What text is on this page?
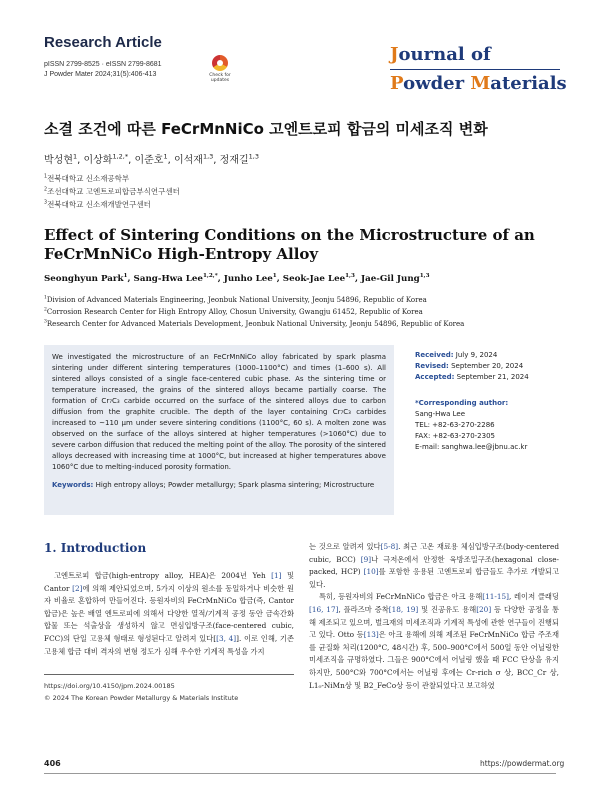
Research Article
pISSN 2799-8525 · eISSN 2799-8681
J Powder Mater 2024;31(5):406-413	Check for
updates
Journal of
Powder Materials
소결 조건에 따른 FeCrMnNiCo 고엔트로피 합금의 미세조직 변화
박성현$^1$, 이상화$^{1,2,*}$, 이준호$^1$, 이석재$^{1,3}$, 정재길$^{1,3}$
$^1$전북대학교 신소재공학부
$^2$조선대학교 고엔트로피합금부식연구센터
$^3$전북대학교 신소재개발연구센터
Effect of Sintering Conditions on the Microstructure of an
FeCrMnNiCo High-Entropy Alloy
Seonghyun Park$^1$, Sang-Hwa Lee$^{1,2,*}$, Junho Lee$^1$, Seok-Jae Lee$^{1,3}$, Jae-Gil Jung$^{1,3}$
$^1$Division of Advanced Materials Engineering, Jeonbuk National University, Jeonju 54896, Republic of Korea
$^2$Corrosion Research Center for High Entropy Alloy, Chosun University, Gwangju 61452, Republic of Korea
$^3$Research Center for Advanced Materials Development, Jeonbuk National University, Jeonju 54896, Republic of Korea
We investigated the microstructure of an FeCrMnNiCo alloy fabricated by spark plasma sintering under different sintering temperatures (1000–1100°C) and times (1–600 s). All sintered alloys consisted of a single face-centered cubic phase. As the sintering time or temperature increased, the grains of the sintered alloys became partially coarse. The formation of Cr₇C₃ carbide occurred on the surface of the sintered alloys due to carbon diffusion from the graphite crucible. The depth of the layer containing Cr₇C₃ carbides increased to ~110 μm under severe sintering conditions (1100°C, 60 s). A molten zone was observed on the surface of the alloys sintered at higher temperatures (>1060°C) due to severe carbon diffusion that reduced the melting point of the alloy. The porosity of the sintered alloys decreased with increasing time at 1000°C, but increased at higher temperatures above 1060°C due to melting-induced porosity formation.
Keywords: High entropy alloys; Powder metallurgy; Spark plasma sintering; Microstructure
Received: July 9, 2024
Revised: September 20, 2024
Accepted: September 21, 2024
*Corresponding author:
Sang-Hwa Lee
TEL: +82-63-270-2286
FAX: +82-63-270-2305
E-mail: sanghwa.lee@jbnu.ac.kr
1. Introduction
고엔트로피 합금(high-entropy alloy, HEA)은 2004년 Yeh [1] 및 Cantor [2]에 의해 제안되었으며, 5가지 이상의 원소를 동일하거나 비슷한 원자 비율로 혼합하여 만들어진다. 등원자비의 FeCrMnNiCo 합금(즉, Cantor 합금)은 높은 배열 엔트로피에 의해서 다양한 열적/기계적 공정 동안 금속간화합물 또는 석출상을 생성하지 않고 면심입방구조(face-centered cubic, FCC)의 단일 고용체 형태로 형성된다고 알려져 있다[[3, 4]]. 이로 인해, 기존 고용체 합금 대비 격자의 변형 정도가 심해 우수한 기계적 특성을 가지
는 것으로 알려져 있다[5-8]. 최근 고온 재료용 체심입방구조(body-centered cubic, BCC) [9]나 극저온에서 안정한 육방조밀구조(hexagonal close-packed, HCP) [10]를 포함한 응용된 고엔트로피 합금들도 추가로 개발되고 있다.
특히, 등원자비의 FeCrMnNiCo 합금은 아크 용해[11-15], 레이저 클래딩[16, 17], 플라즈마 증착[18, 19] 및 진공유도 용해[20] 등 다양한 공정을 통해 제조되고 있으며, 벌크재의 미세조직과 기계적 특성에 관한 연구들이 진행되고 있다. Otto 등[13]은 아크 용해에 의해 제조된 FeCrMnNiCo 합금 주조재를 균질화 처리(1200°C, 48시간) 후, 500–900°C에서 500일 동안 어닐링한 미세조직을 규명하였다. 그들은 900°C에서 어닐링 했을 때 FCC 단상을 유지하지만, 500°C와 700°C에서는 어닐링 후에는 Cr-rich σ 상, BCC_Cr 상, L1₀-NiMn상 및 B2_FeCo상 등이 관찰되었다고 보고하였
https://doi.org/10.4150/jpm.2024.00185
© 2024 The Korean Powder Metallurgy & Materials Institute
406	https://powdermat.org
